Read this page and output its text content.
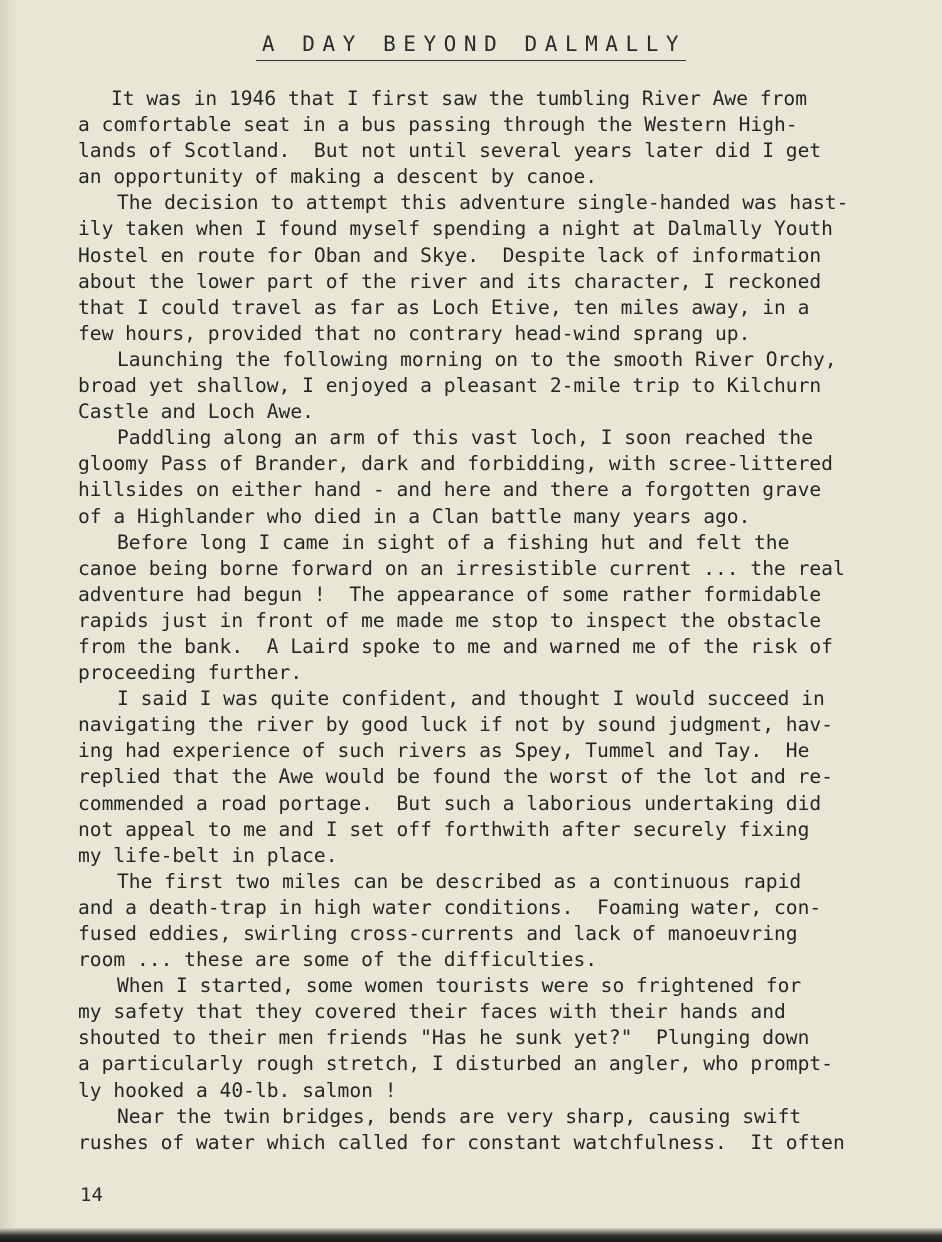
A DAY BEYOND DALMALLY
It was in 1946 that I first saw the tumbling River Awe from
a comfortable seat in a bus passing through the Western High-
lands of Scotland.  But not until several years later did I get
an opportunity of making a descent by canoe.
The decision to attempt this adventure single-handed was hast-
ily taken when I found myself spending a night at Dalmally Youth
Hostel en route for Oban and Skye.  Despite lack of information
about the lower part of the river and its character, I reckoned
that I could travel as far as Loch Etive, ten miles away, in a
few hours, provided that no contrary head-wind sprang up.
Launching the following morning on to the smooth River Orchy,
broad yet shallow, I enjoyed a pleasant 2-mile trip to Kilchurn
Castle and Loch Awe.
Paddling along an arm of this vast loch, I soon reached the
gloomy Pass of Brander, dark and forbidding, with scree-littered
hillsides on either hand - and here and there a forgotten grave
of a Highlander who died in a Clan battle many years ago.
Before long I came in sight of a fishing hut and felt the
canoe being borne forward on an irresistible current ... the real
adventure had begun !  The appearance of some rather formidable
rapids just in front of me made me stop to inspect the obstacle
from the bank.  A Laird spoke to me and warned me of the risk of
proceeding further.
I said I was quite confident, and thought I would succeed in
navigating the river by good luck if not by sound judgment, hav-
ing had experience of such rivers as Spey, Tummel and Tay.  He
replied that the Awe would be found the worst of the lot and re-
commended a road portage.  But such a laborious undertaking did
not appeal to me and I set off forthwith after securely fixing
my life-belt in place.
The first two miles can be described as a continuous rapid
and a death-trap in high water conditions.  Foaming water, con-
fused eddies, swirling cross-currents and lack of manoeuvring
room ... these are some of the difficulties.
When I started, some women tourists were so frightened for
my safety that they covered their faces with their hands and
shouted to their men friends "Has he sunk yet?"  Plunging down
a particularly rough stretch, I disturbed an angler, who prompt-
ly hooked a 40-lb. salmon !
Near the twin bridges, bends are very sharp, causing swift
rushes of water which called for constant watchfulness.  It often
14
